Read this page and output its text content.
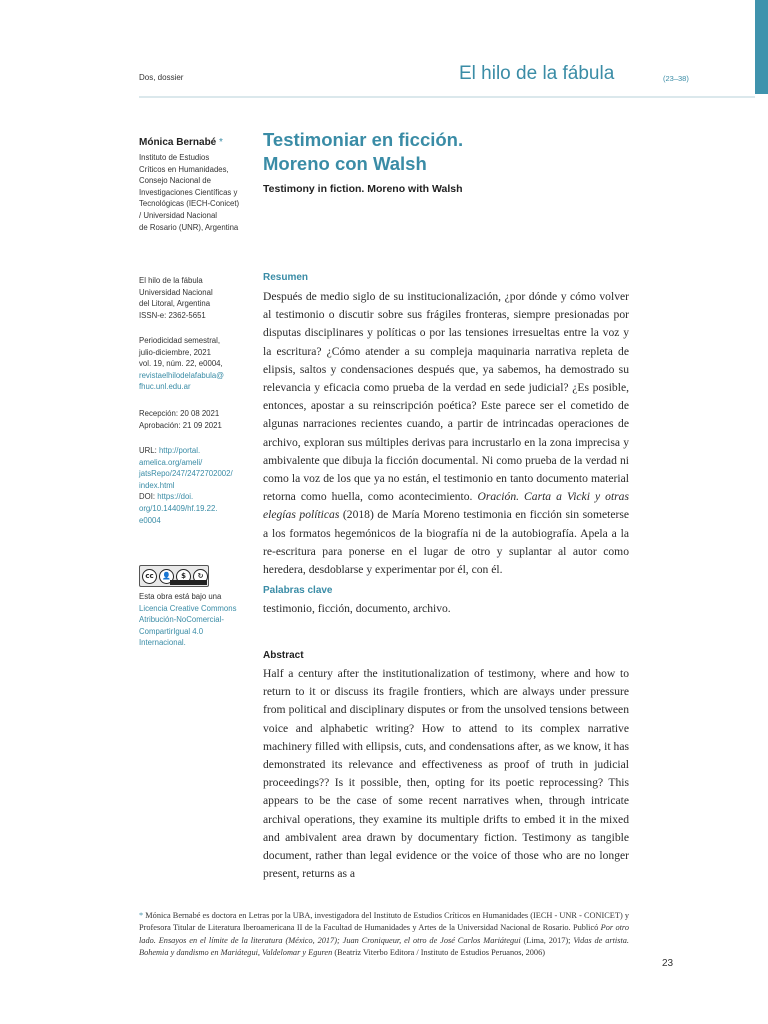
Dos, dossier	El hilo de la fábula	(23–38)
Mónica Bernabé *
Instituto de Estudios
Críticos en Humanidades,
Consejo Nacional de
Investigaciones Científicas y
Tecnológicas (IECH-Conicet)
/ Universidad Nacional
de Rosario (UNR), Argentina
El hilo de la fábula
Universidad Nacional
del Litoral, Argentina
ISSN-e: 2362-5651
Periodicidad semestral,
julio-diciembre, 2021
vol. 19, núm. 22, e0004,
revistaelhilodelafabula@
fhuc.unl.edu.ar
Recepción: 20 08 2021
Aprobación: 21 09 2021
URL: http://portal.
amelica.org/ameli/
jatsRepo/247/2472702002/
index.html
DOI: https://doi.
org/10.14409/hf.19.22.
e0004
cc	👤	$	↻
Esta obra está bajo una
Licencia Creative Commons
Atribución-NoComercial-
CompartirIgual 4.0
Internacional.
Testimoniar en ficción.
Moreno con Walsh
Testimony in fiction. Moreno with Walsh
Resumen
Después de medio siglo de su institucionalización, ¿por dónde y cómo volver al testimonio o discutir sobre sus frágiles fronteras, siempre presionadas por disputas disciplinares y políticas o por las tensiones irresueltas entre la voz y la escritura? ¿Cómo atender a su compleja maquinaria narrativa repleta de elipsis, saltos y condensaciones después que, ya sabemos, ha demostrado su relevancia y eficacia como prueba de la verdad en sede judicial? ¿Es posible, entonces, apostar a su reinscripción poética? Este parece ser el cometido de algunas narraciones recientes cuando, a partir de intrincadas operaciones de archivo, exploran sus múltiples derivas para incrustarlo en la zona imprecisa y ambivalente que dibuja la ficción documental. Ni como prueba de la verdad ni como la voz de los que ya no están, el testimonio en tanto documento material retorna como huella, como acontecimiento. Oración. Carta a Vicki y otras elegías políticas (2018) de María Moreno testimonia en ficción sin someterse a los formatos hegemónicos de la biografía ni de la autobiografía. Apela a la re-escritura para ponerse en el lugar de otro y suplantar al autor como heredera, desdoblarse y experimentar por él, con él.
Palabras clave
testimonio, ficción, documento, archivo.
Abstract
Half a century after the institutionalization of testimony, where and how to return to it or discuss its fragile frontiers, which are always under pressure from political and disciplinary disputes or from the unsolved tensions between voice and alphabetic writing? How to attend to its complex narrative machinery filled with ellipsis, cuts, and condensations after, as we know, it has demonstrated its relevance and effectiveness as proof of truth in judicial proceedings?? Is it possible, then, opting for its poetic reprocessing? This appears to be the case of some recent narratives when, through intricate archival operations, they examine its multiple drifts to embed it in the mixed and ambivalent area drawn by documentary fiction. Testimony as tangible document, rather than legal evidence or the voice of those who are no longer present, returns as a
* Mónica Bernabé es doctora en Letras por la UBA, investigadora del Instituto de Estudios Críticos en Humanidades (IECH - UNR - CONICET) y Profesora Titular de Literatura Iberoamericana II de la Facultad de Humanidades y Artes de la Universidad Nacional de Rosario. Publicó Por otro lado. Ensayos en el límite de la literatura (México, 2017); Juan Croniqueur, el otro de José Carlos Mariátegui (Lima, 2017); Vidas de artista. Bohemia y dandismo en Mariátegui, Valdelomar y Eguren (Beatriz Viterbo Editora / Instituto de Estudios Peruanos, 2006)
23
